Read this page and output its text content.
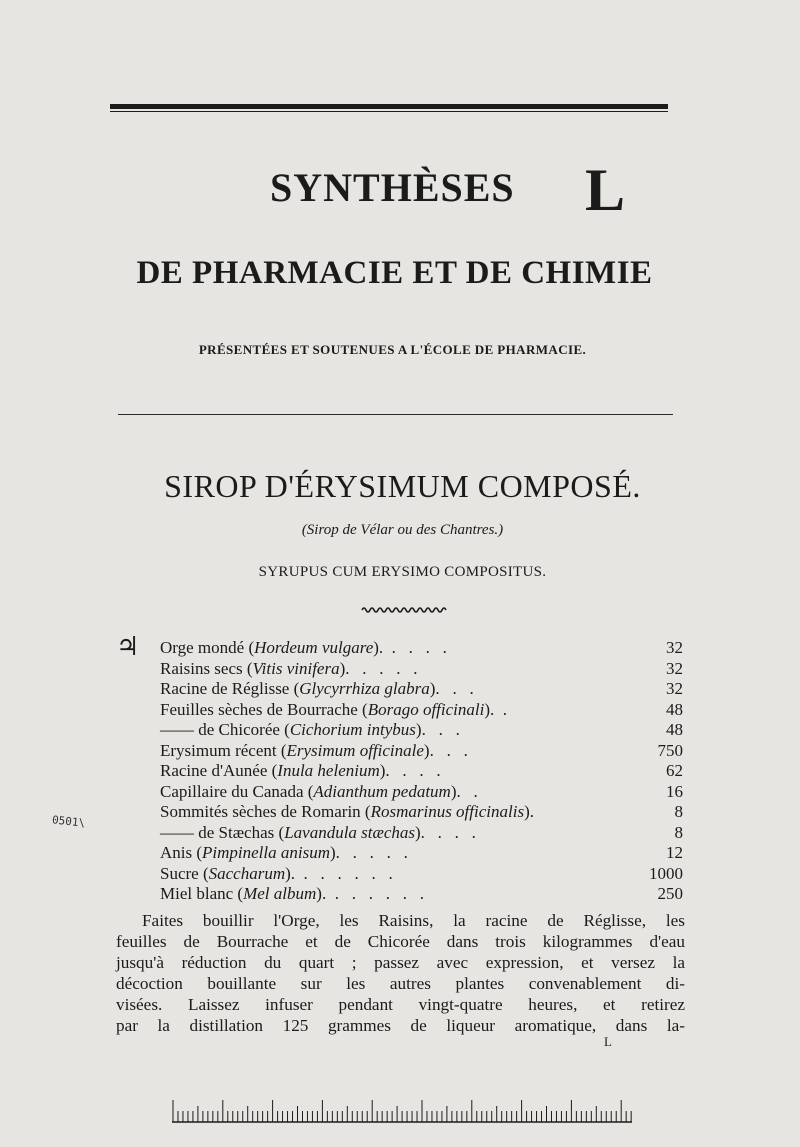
SYNTHÈSES L
DE PHARMACIE ET DE CHIMIE
PRÉSENTÉES ET SOUTENUES A L'ÉCOLE DE PHARMACIE.
SIROP D'ÉRYSIMUM COMPOSÉ.
(Sirop de Vélar ou des Chantres.)
SYRUPUS CUM ERYSIMO COMPOSITUS.
♃ Orge mondé (Hordeum vulgare).  .   .   .   .	32
Raisins secs (Vitis vinifera).   .   .   .   .	32
Racine de Réglisse (Glycyrrhiza glabra).   .   .	32
Feuilles sèches de Bourrache (Borago officinali).  .	48
—— de Chicorée (Cichorium intybus).   .   .	48
Erysimum récent (Erysimum officinale).   .   .	750
Racine d'Aunée (Inula helenium).   .   .   .	62
Capillaire du Canada (Adianthum pedatum).   .	16
Sommités sèches de Romarin (Rosmarinus officinalis).	8
—— de Stæchas (Lavandula stæchas).   .   .   .	8
Anis (Pimpinella anisum).   .   .   .   .	12
Sucre (Saccharum).  .   .   .   .   .   .	1000
Miel blanc (Mel album).  .   .   .   .   .   .	250
Faites bouillir l'Orge, les Raisins, la racine de Réglisse, les
feuilles de Bourrache et de Chicorée dans trois kilogrammes d'eau
jusqu'à réduction du quart ; passez avec expression, et versez la
décoction bouillante sur les autres plantes convenablement di-
visées. Laissez infuser pendant vingt-quatre heures, et retirez
par la distillation 125 grammes de liqueur aromatique, dans la-
L
0501\
